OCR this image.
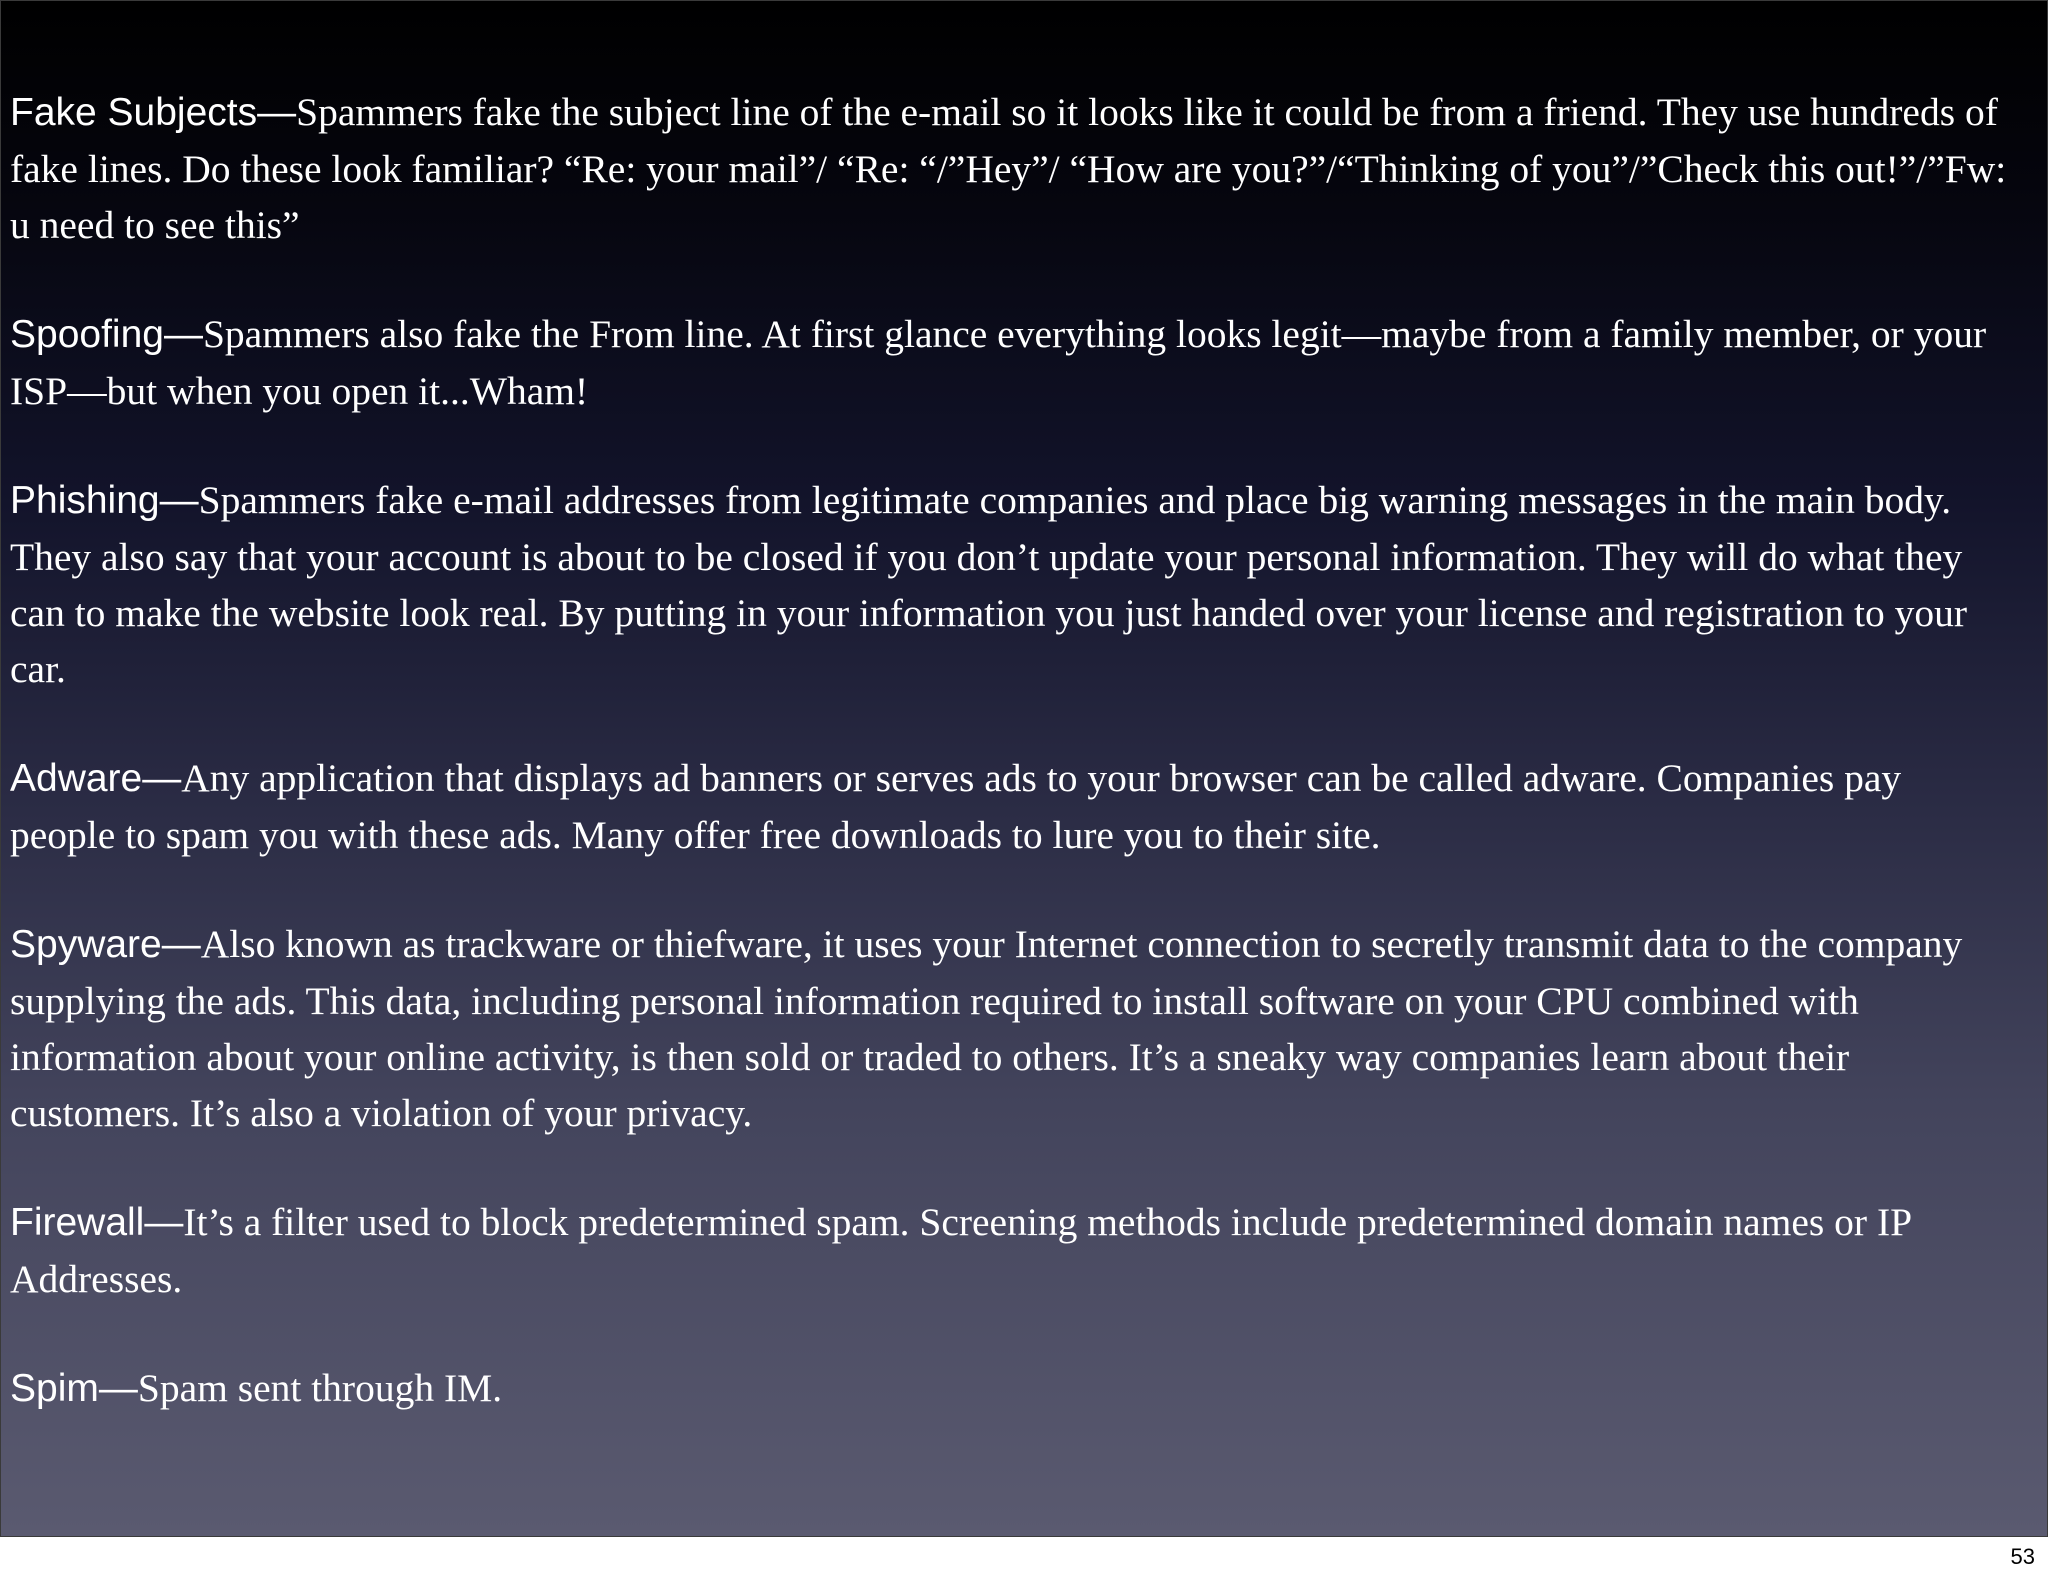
Fake Subjects—Spammers fake the subject line of the e-mail so it looks like it could be from a friend. They use hundreds of fake lines. Do these look familiar? “Re: your mail”/ “Re: “/”Hey”/ “How are you?”/“Thinking of you”/”Check this out!”/”Fw: u need to see this”

Spoofing—Spammers also fake the From line. At first glance everything looks legit—maybe from a family member, or your ISP—but when you open it...Wham!

Phishing—Spammers fake e-mail addresses from legitimate companies and place big warning messages in the main body. They also say that your account is about to be closed if you don’t update your personal information. They will do what they can to make the website look real. By putting in your information you just handed over your license and registration to your car.

Adware—Any application that displays ad banners or serves ads to your browser can be called adware. Companies pay people to spam you with these ads. Many offer free downloads to lure you to their site.

Spyware—Also known as trackware or thiefware, it uses your Internet connection to secretly transmit data to the company supplying the ads. This data, including personal information required to install software on your CPU combined with information about your online activity, is then sold or traded to others. It’s a sneaky way companies learn about their customers. It’s also a violation of your privacy.

Firewall—It’s a filter used to block predetermined spam. Screening methods include predetermined domain names or IP Addresses.

Spim—Spam sent through IM.

53
